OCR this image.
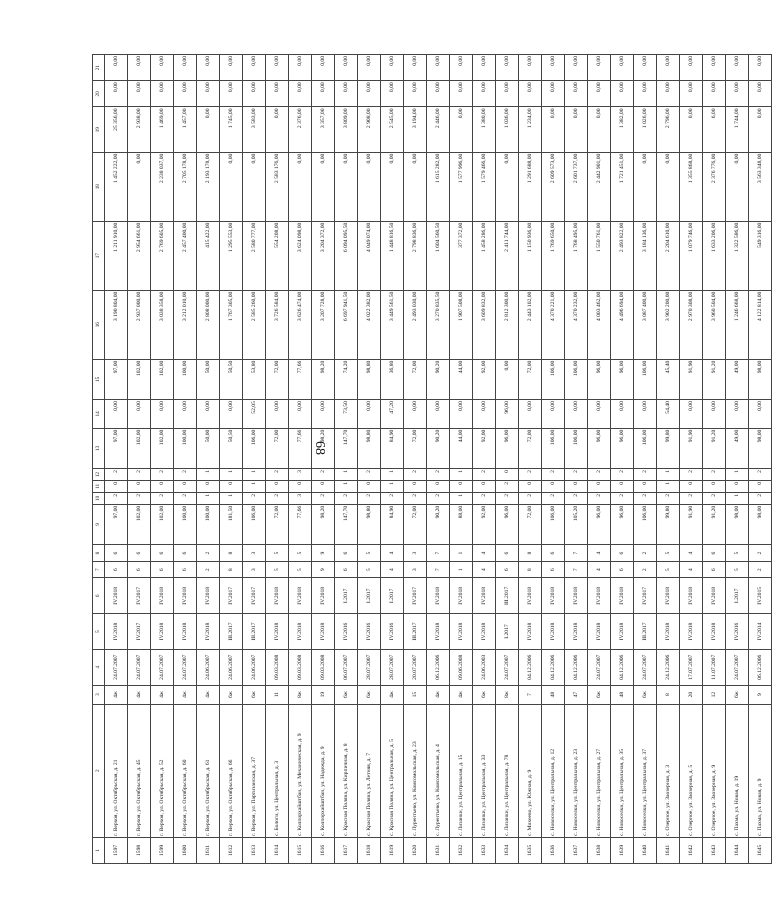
68
1	2	3	4	5	6	7	8	9	10	11	12	13	14	15	16	17	18	19	20	21
1597	г. Верхоя, ул. Октябрьская, д. 21	4ж	24.07.2007	IV.2018	IV.2018	6	6	97,00	2	0	2	97,00	0,00	97,00	3 190 804,00	1 211 910,00	1 452 222,00	25 356,00	0,00	0,00
1598	г. Верхоя, ул. Октябрьская, д. 45	4ж	24.07.2007	IV.2017	IV.2017	6	6	102,00	2	0	2	102,00	0,00	102,00	2 937 000,00	2 954 661,00	0,00	2 938,00	0,00	0,00
1599	г. Верхоя, ул. Октябрьская, д. 52	4ж	24.07.2007	IV.2018	IV.2018	6	6	102,00	2	0	2	102,00	0,00	102,00	3 038 358,00	2 769 605,00	2 238 037,00	1 469,00	0,00	0,00
1600	г. Верхоя, ул. Октябрьская, д. 60	4ж	24.07.2007	IV.2018	IV.2018	6	6	100,00	2	0	2	100,00	0,00	100,00	3 212 010,00	2 457 400,00	2 705 178,00	1 457,00	0,00	0,00
1611	г. Верхоя, ул. Октябрьская, д. 61	4ж	24.06.2007	IV.2018	IV.2018	2	2	100,00	1	0	1	50,00	0,00	50,00	2 808 000,00	415 422,00	2 193 178,00	0,00	0,00	0,00
1612	г. Верхоя, ул. Октябрьская, д. 66	6ж	24.06.2007	III.2017	IV.2017	8	8	181,50	1	0	1	50,50	0,00	50,50	1 767 305,00	1 295 553,00	0,00	1 745,00	0,00	0,00
1613	г. Верхоя, ул. Партизанская, д. 37	6ж	24.06.2007	III.2017	IV.2017	3	3	106,00	2	1	1	106,00	52,05	53,80	2 585 260,00	2 580 777,00	0,00	3 583,00	0,00	0,00
1614	с. Бологи, ул. Центральная, д. 3	11	09.03.2008	IV.2018	IV.2018	5	5	72,00	2	0	2	72,00	0,00	72,00	3 726 584,00	554 208,00	2 583 176,00	0,00	0,00	0,00
1615	с. Колпорхайштбан, ул. Механическая, д. 9	8ж	09.03.2008	IV.2018	IV.2018	5	5	77,66	3	0	3	77,66	0,00	77,66	3 626 474,00	3 624 098,00	0,00	2 376,00	0,00	0,00
1616	с. Колпорхайштбан, ул. Надежда, д. 9	19	09.03.2008	IV.2018	IV.2018	9	9	98,20	2	0	2	98,20	0,00	98,20	3 207 728,00	3 204 372,00	0,00	3 357,00	0,00	0,00
1617	с. Красная Полянa, ул. Кирпичная, д. 8	6ж	06.07.2007	IV.2016	I.2017	6	6	147,70	2	1	1	147,70	73,50	74,20	6 697 941,50	6 094 095,50	0,00	3 809,00	0,00	0,00
1618	с. Красная Поляна, ул. Летняя, д. 7	6ж	28.07.2007	IV.2016	I.2017	5	5	98,80	2	0	2	98,80	0,00	98,80	4 022 382,00	4 049 074,00	0,00	2 908,00	0,00	0,00
1619	с. Красная Поляна, ул. Центральная, д. 5	4ж	28.07.2007	IV.2016	I.2017	4	4	84,90	2	1	1	84,90	47,20	36,80	3 449 561,50	1 448 816,50	0,00	2 545,00	0,00	0,00
1620	с. Лурентьево, ул. Комсомольская, д. 23	15	20.07.2007	III.2017	IV.2017	3	3	72,00	2	0	2	72,00	0,00	72,00	2 493 030,00	2 798 836,00	0,00	3 194,00	0,00	0,00
1631	с. Лурентьево, ул. Комсомольская, д. 4	4ж	06.12.2006	IV.2018	IV.2018	7	7	90,20	2	0	2	90,20	0,00	90,20	3 270 835,50	1 604 560,50	1 615 282,00	2 446,00	0,00	0,00
1632	с. Лизанки, ул. Центральная, д. 15	4ж	09.06.2008	IV.2018	IV.2018	1	1	88,00	1	0	1	44,00	0,00	44,00	1 907 508,00	377 372,00	1 577 996,00	0,00	0,00	0,00
1633	с. Лизанки, ул. Центральная, д. 33	6ж	24.06.2003	IV.2018	IV.2018	4	4	92,00	2	0	2	92,00	0,00	92,00	3 609 832,00	1 458 286,00	1 579 466,00	1 380,00	0,00	0,00
1634	с. Лизанки, ул. Центральная, д. 78	8ж	24.07.2007	I.2017	III.2017	6	6	96,00	2	2	0	96,00	96,00	0,00	2 812 300,00	2 411 744,00	0,00	1 036,00	0,00	0,00
1635	с. Михеево, ул. Южная, д. 9	7	04.12.2006	IV.2018	IV.2018	8	8	72,00	2	0	2	72,00	0,00	72,00	2 443 102,00	1 150 936,00	1 291 688,00	1 234,00	0,00	0,00
1636	с. Новоселки, ул. Центральная, д. 12	48	04.12.2006	IV.2018	IV.2018	6	6	106,00	2	0	2	106,00	0,00	106,00	4 370 221,00	1 769 650,00	2 609 573,00	0,00	0,00	0,00
1637	с. Новоселки, ул. Центральная, д. 23	47	04.12.2006	IV.2018	IV.2018	7	7	105,20	2	0	2	106,00	0,00	106,00	4 370 232,00	1 768 495,00	2 601 737,00	0,00	0,00	0,00
1638	с. Новоселки, ул. Центральная, д. 27	6ж	24.07.2007	IV.2018	IV.2018	4	4	96,00	2	0	2	96,00	0,00	96,00	4 003 462,00	1 550 761,00	2 442 901,00	0,00	0,00	0,00
1639	с. Новоселки, ул. Центральная, д. 35	48	04.12.2006	IV.2018	IV.2018	6	6	96,00	2	0	2	96,00	0,00	96,00	4 496 694,00	2 493 822,00	1 721 451,00	1 382,00	0,00	0,00
1640	с. Новоселки, ул. Центральная, д. 37	6ж	24.07.2007	III.2017	IV.2017	2	2	106,00	2	0	2	106,00	0,00	106,00	3 087 400,00	3 184 136,00	0,00	1 026,00	0,00	0,00
1641	с. Озерное, ул. Заозерная, д. 3	8	24.12.2006	IV.2018	IV.2018	5	5	99,80	2	1	1	99,80	54,40	45,40	3 902 200,00	2 204 610,00	0,00	2 796,00	0,00	0,00
1642	с. Озерное, ул. Заозерная, д. 5	20	17.07.2007	IV.2018	IV.2018	4	4	91,90	2	0	2	91,90	0,00	91,90	2 970 308,00	1 079 746,00	1 355 868,00	0,00	0,00	0,00
1643	с. Озерное, ул. Заозерная, д. 9	12	11.07.2007	IV.2018	IV.2018	6	6	91,20	2	0	2	91,20	0,00	91,20	3 960 504,00	1 633 206,00	2 376 776,00	6,00	0,00	0,00
1644	с. Пахма, ул. Новая, д. 19	6ж	24.07.2007	IV.2016	I.2017	5	5	98,00	1	0	1	49,00	0,00	49,00	1 246 668,00	1 322 586,00	0,00	1 744,00	0,00	0,00
1645	с. Пахма, ул. Новая, д. 9	9	06.12.2006	IV.2014	IV.2015	2	2	98,00	2	0	2	98,00	0,00	98,00	4 122 814,00	549 316,00	3 563 348,00	0,00	0,00	0,00
